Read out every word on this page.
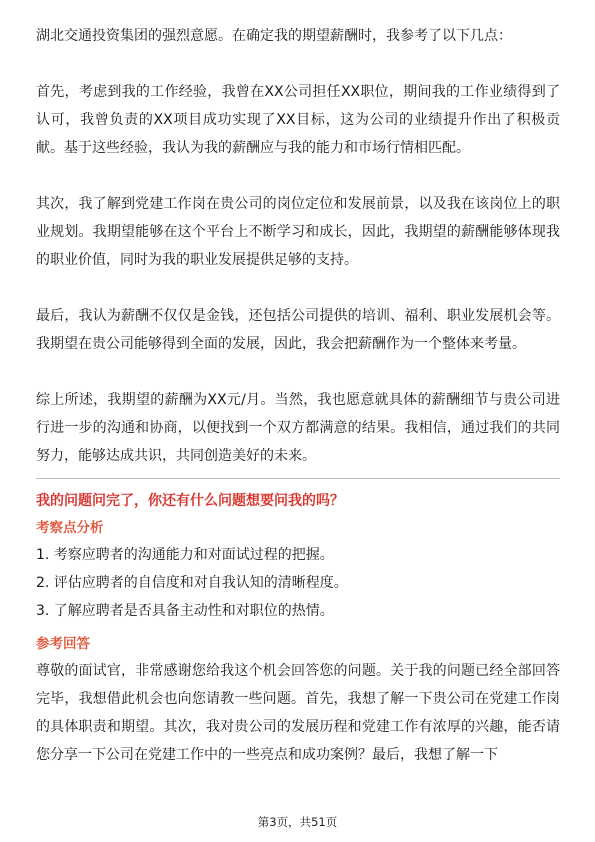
湖北交通投资集团的强烈意愿。在确定我的期望薪酬时，我参考了以下几点：

首先，考虑到我的工作经验，我曾在XX公司担任XX职位，期间我的工作业绩得到了认可，我曾负责的XX项目成功实现了XX目标，这为公司的业绩提升作出了积极贡献。基于这些经验，我认为我的薪酬应与我的能力和市场行情相匹配。

其次，我了解到党建工作岗在贵公司的岗位定位和发展前景，以及我在该岗位上的职业规划。我期望能够在这个平台上不断学习和成长，因此，我期望的薪酬能够体现我的职业价值，同时为我的职业发展提供足够的支持。

最后，我认为薪酬不仅仅是金钱，还包括公司提供的培训、福利、职业发展机会等。我期望在贵公司能够得到全面的发展，因此，我会把薪酬作为一个整体来考量。

综上所述，我期望的薪酬为XX元/月。当然，我也愿意就具体的薪酬细节与贵公司进行进一步的沟通和协商，以便找到一个双方都满意的结果。我相信，通过我们的共同努力，能够达成共识，共同创造美好的未来。

我的问题问完了，你还有什么问题想要问我的吗？

考察点分析

1. 考察应聘者的沟通能力和对面试过程的把握。

2. 评估应聘者的自信度和对自我认知的清晰程度。

3. 了解应聘者是否具备主动性和对职位的热情。

参考回答

尊敬的面试官，非常感谢您给我这个机会回答您的问题。关于我的问题已经全部回答完毕，我想借此机会也向您请教一些问题。首先，我想了解一下贵公司在党建工作岗的具体职责和期望。其次，我对贵公司的发展历程和党建工作有浓厚的兴趣，能否请您分享一下公司在党建工作中的一些亮点和成功案例？最后，我想了解一下

第3页，共51页
